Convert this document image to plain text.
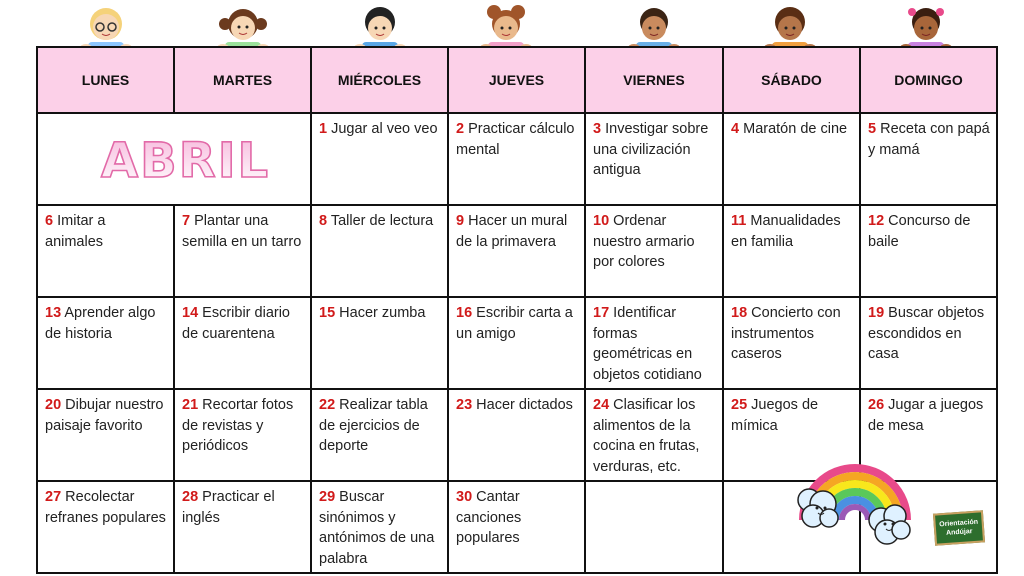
LUNES	MARTES	MIÉRCOLES	JUEVES	VIERNES	SÁBADO	DOMINGO

ABRIL		1 Jugar al veo veo	2 Practicar cálculo mental	3 Investigar sobre una civilización antigua	4 Maratón de cine	5 Receta con papá y mamá
6 Imitar a animales	7 Plantar una semilla en un tarro	8 Taller de lectura	9 Hacer un mural de la primavera	10 Ordenar nuestro armario por colores	11 Manualidades en familia	12 Concurso de baile
13 Aprender algo de historia	14 Escribir diario de cuarentena	15 Hacer zumba	16 Escribir carta a un amigo	17 Identificar formas geométricas en objetos cotidiano	18 Concierto con instrumentos caseros	19 Buscar objetos escondidos en casa
20 Dibujar nuestro paisaje favorito	21 Recortar fotos de revistas y periódicos	22 Realizar tabla de ejercicios de deporte	23 Hacer dictados	24 Clasificar los alimentos de la cocina en frutas, verduras, etc.	25 Juegos de mímica	26 Jugar a juegos de mesa
27 Recolectar refranes populares	28 Practicar el inglés	29 Buscar sinónimos y antónimos de una palabra	30 Cantar canciones populares			
Orientación
Andújar
